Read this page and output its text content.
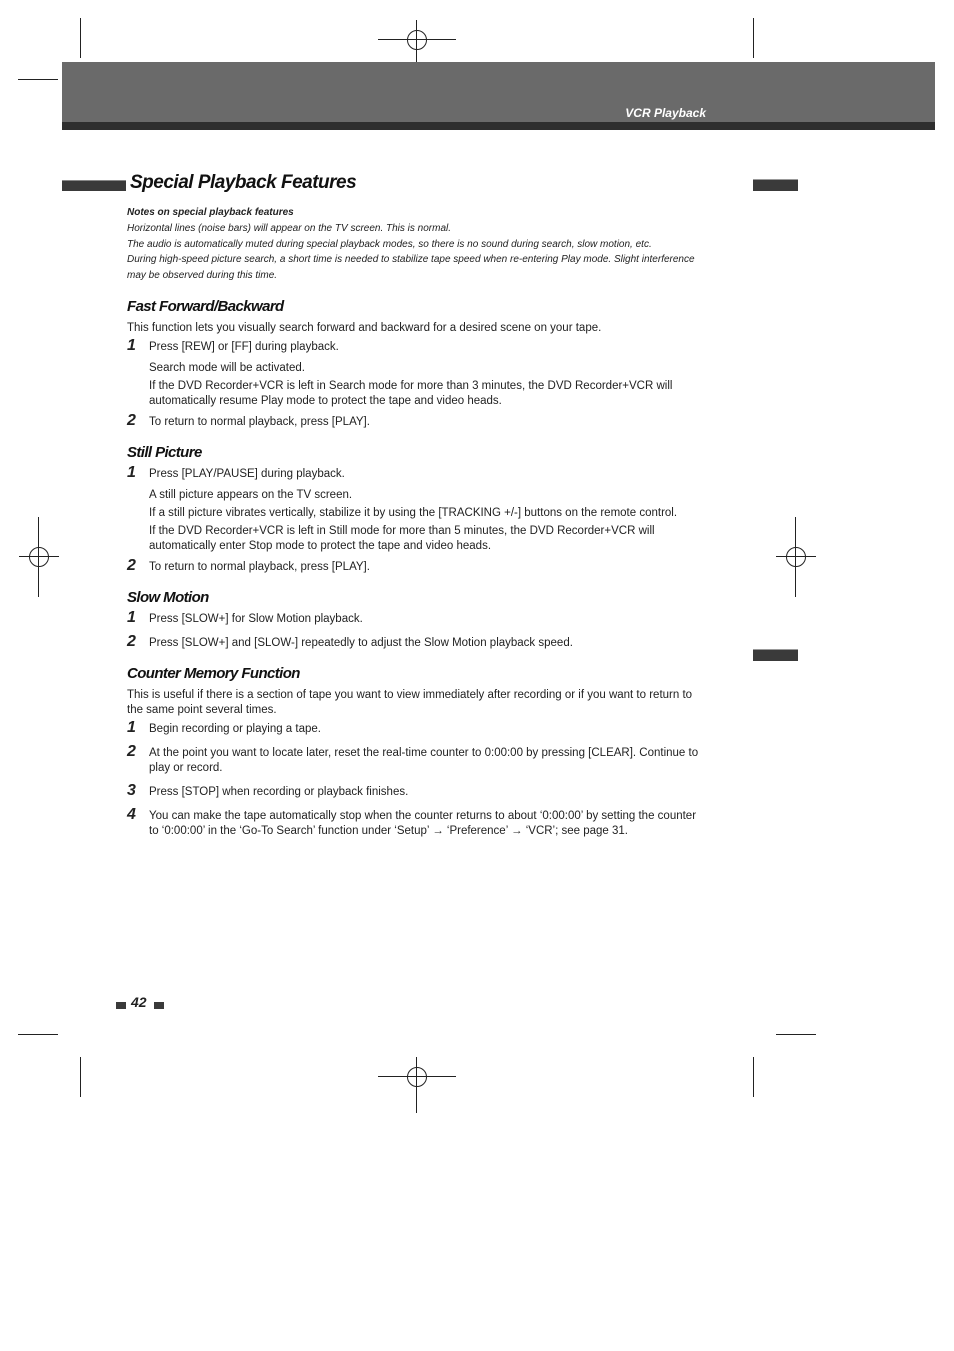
VCR Playback
Special Playback Features

Notes on special playback features

Horizontal lines (noise bars) will appear on the TV screen. This is normal.

The audio is automatically muted during special playback modes, so there is no sound during search, slow motion, etc.

During high-speed picture search, a short time is needed to stabilize tape speed when re-entering Play mode. Slight interference may be observed during this time.

Fast Forward/Backward

This function lets you visually search forward and backward for a desired scene on your tape.

1 Press [REW] or [FF] during playback.

Search mode will be activated.

If the DVD Recorder+VCR is left in Search mode for more than 3 minutes, the DVD Recorder+VCR will automatically resume Play mode to protect the tape and video heads.

2 To return to normal playback, press [PLAY].
Still Picture
1 Press [PLAY/PAUSE] during playback.

A still picture appears on the TV screen.

If a still picture vibrates vertically, stabilize it by using the [TRACKING +/-] buttons on the remote control.

If the DVD Recorder+VCR is left in Still mode for more than 5 minutes, the DVD Recorder+VCR will automatically enter Stop mode to protect the tape and video heads.

2 To return to normal playback, press [PLAY].
Slow Motion
1 Press [SLOW+] for Slow Motion playback.
2 Press [SLOW+] and [SLOW-] repeatedly to adjust the Slow Motion playback speed.
Counter Memory Function

This is useful if there is a section of tape you want to view immediately after recording or if you want to return to the same point several times.

1 Begin recording or playing a tape.
2 At the point you want to locate later, reset the real-time counter to 0:00:00 by pressing [CLEAR]. Continue to play or record.
3 Press [STOP] when recording or playback finishes.
4 You can make the tape automatically stop when the counter returns to about ‘0:00:00’ by setting the counter to ‘0:00:00’ in the ‘Go-To Search’ function under ‘Setup’ → ‘Preference’ → ‘VCR’; see page 31.
42
